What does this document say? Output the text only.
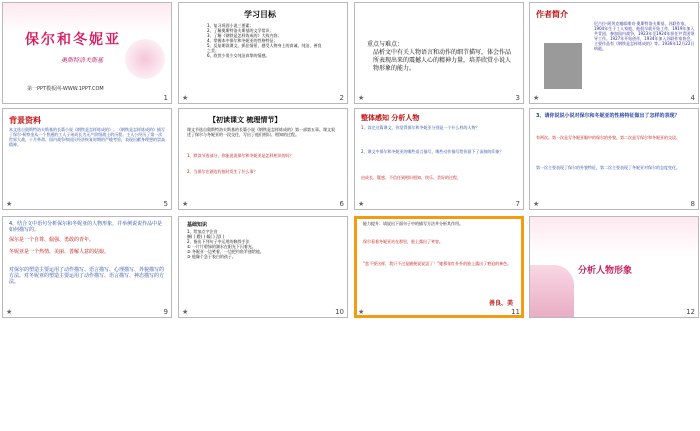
保尔和冬妮亚
奥斯特洛夫斯基
第一PPT模板网-WWW.1PPT.COM
1
学习目标
1、复习巩固小说三要素；
2、了解奥斯特洛夫斯基的文学常识；
3、了解《钢铁是怎样炼成的》大致内容；
4、掌握本中保尔和冬妮亚的性格特征；
5、反复朗读课文，抓住情景，感受人物身上的真诚、纯洁、善良之美；
6、欣赏少男少女纯洁真挚的情感。
★	2
重点与难点：
品析文中有关人物语言和动作的细节描写，体会作品所表现出来的震撼人心的精神力量，培养欣赏小说人物形象的能力。
★	3
作者简介
尼古拉·阿列克谢耶维奇·奥斯特洛夫斯基，苏联作家。1904年生于工人家庭。他很早就开始工作，1919年加入共青团，参加国内战争，1923年至1924年担任共青团领导工作。1927年开始创作，1934年加入苏联作家协会。主要作品有《钢铁是怎样炼成的》等。1936年12月22日病逝。
★	4
背景资料
本文选自奥斯特洛夫斯基的长篇小说《钢铁是怎样炼成的》。《钢铁是怎样炼成的》描写了保尔·柯察金从一个普通的工人子弟成长为无产阶级战士的历程。主人公经历了第一次世界大战、十月革命、国内战争和国民经济恢复时期的严峻考验，表现出献身理想的崇高精神。
★	5
【初读课文 梳理情节】
课文节选自奥斯特洛夫斯基的长篇小说《钢铁是怎样炼成的》第一部第五章。课文叙述了保尔与冬妮亚的一段交往，写出了他们相识、相知的过程。
1、默读节选部分，你能说说保尔和冬妮亚是怎样相识的吗？
2、当保尔在湖边钓鱼时发生了什么事？
★	6
整体感知 分析人物
1、读完这篇课文，你觉得保尔和冬妮亚分别是一个什么样的人物？
2、课文中保尔和冬妮亚的哪些语言描写，哪些动作描写给你留下了深刻的印象？
由成长、疑惑、不信任到相识相知、快乐、美好的过程。
★	7
3、请你说说小说对保尔和冬妮亚的性格特征做出了怎样的表现？
有两次。第一次是写冬妮亚眼中的保尔的外貌，第二次是写保尔和冬妮亚的交谈。
第一次主要表现了保尔的外貌特征，第二次主要表现了冬妮亚对保尔的态度变化。
★	8
4、结合文中语句分析保尔和冬妮亚的人物形象，并举例说说作品中是如何描写的。
保尔是一个自尊、倔强、勇敢的青年。
冬妮亚是一个热情、美丽、善解人意的姑娘。
对保尔的塑造主要运用了动作描写、语言描写、心理描写、外貌描写的方法。对冬妮亚的塑造主要运用了动作描写、语言描写、神态描写的方法。
★	9
基础知识
1、给加点字注音
撅( ) 蹬( ) 粼( ) 涅( )
2、指出下列句子中运用的修辞手法
① 一片片碧绿的湖水在阳光下闪着光。
② 冬妮亚一边笑着，一边把钓鱼竿递给他。
③ 他像个急于表白的孩子。
★	10
能力提升：请说出下面句子中的描写方法并分析其作用。
保尔看着冬妮亚站在那里，脸上露出了笑容。
“您不要这样，我只不过是随便说说罢了！”她那张红扑扑的脸上露出了窘迫的神色。
善良、美
★	11
分析人物形象
12
